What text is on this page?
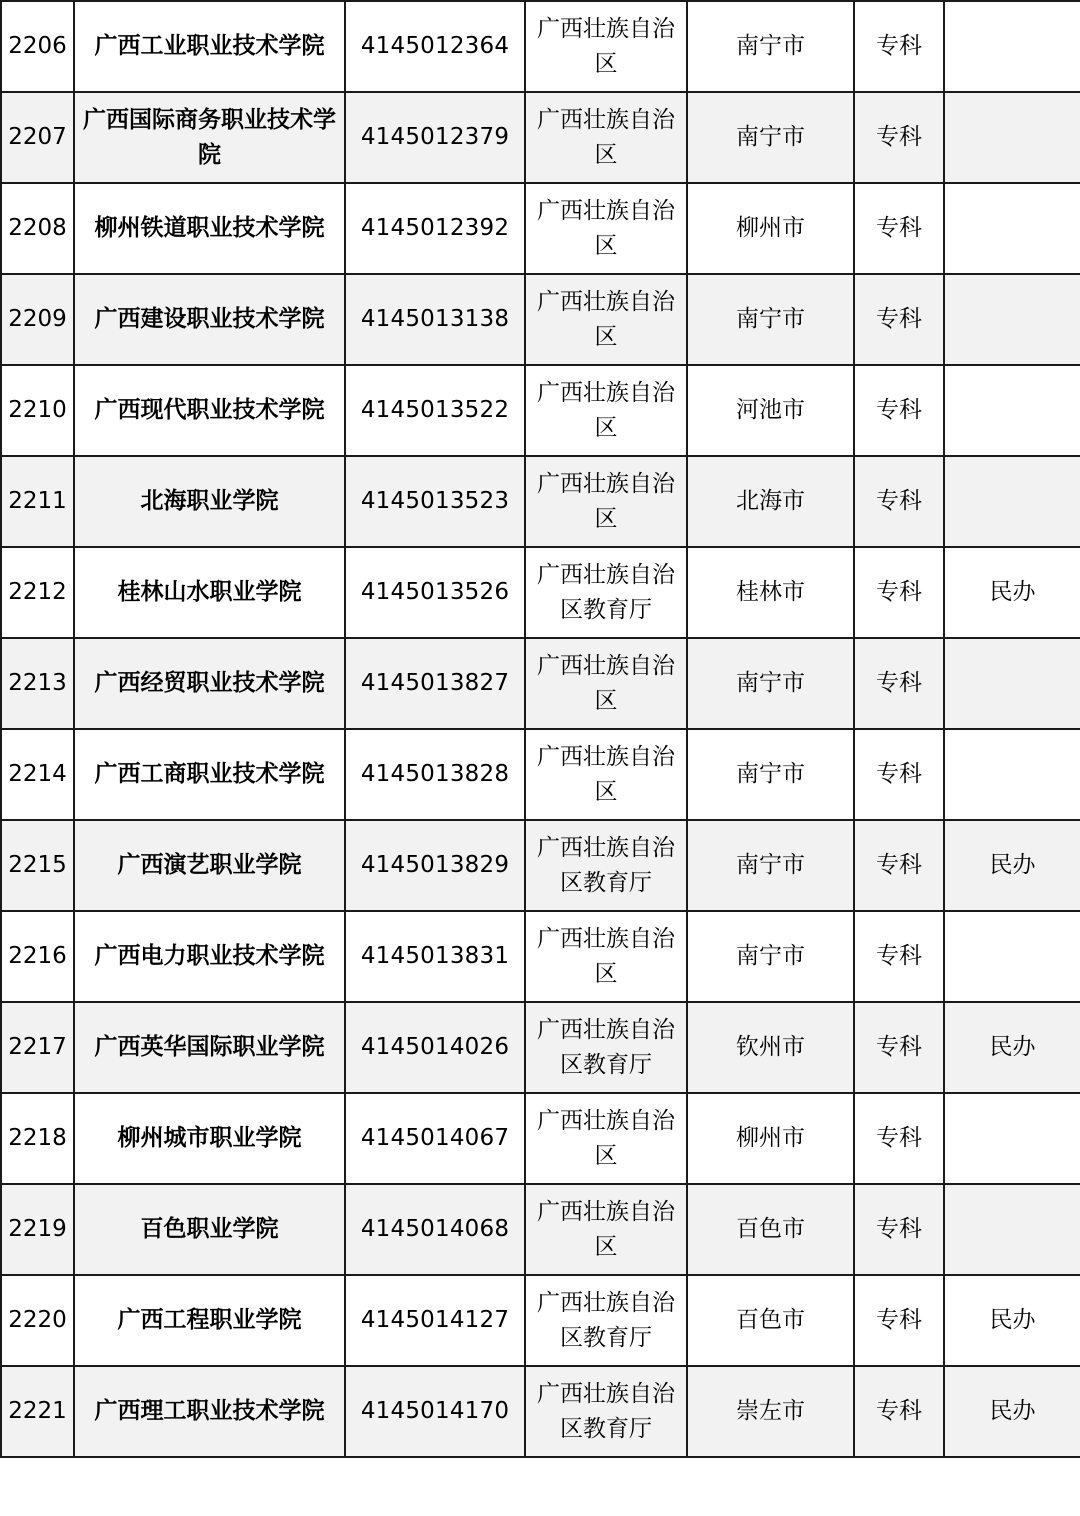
2206	广西工业职业技术学院	4145012364	广西壮族自治区	南宁市	专科	
2207	广西国际商务职业技术学院	4145012379	广西壮族自治区	南宁市	专科	
2208	柳州铁道职业技术学院	4145012392	广西壮族自治区	柳州市	专科	
2209	广西建设职业技术学院	4145013138	广西壮族自治区	南宁市	专科	
2210	广西现代职业技术学院	4145013522	广西壮族自治区	河池市	专科	
2211	北海职业学院	4145013523	广西壮族自治区	北海市	专科	
2212	桂林山水职业学院	4145013526	广西壮族自治区教育厅	桂林市	专科	民办
2213	广西经贸职业技术学院	4145013827	广西壮族自治区	南宁市	专科	
2214	广西工商职业技术学院	4145013828	广西壮族自治区	南宁市	专科	
2215	广西演艺职业学院	4145013829	广西壮族自治区教育厅	南宁市	专科	民办
2216	广西电力职业技术学院	4145013831	广西壮族自治区	南宁市	专科	
2217	广西英华国际职业学院	4145014026	广西壮族自治区教育厅	钦州市	专科	民办
2218	柳州城市职业学院	4145014067	广西壮族自治区	柳州市	专科	
2219	百色职业学院	4145014068	广西壮族自治区	百色市	专科	
2220	广西工程职业学院	4145014127	广西壮族自治区教育厅	百色市	专科	民办
2221	广西理工职业技术学院	4145014170	广西壮族自治区教育厅	崇左市	专科	民办
